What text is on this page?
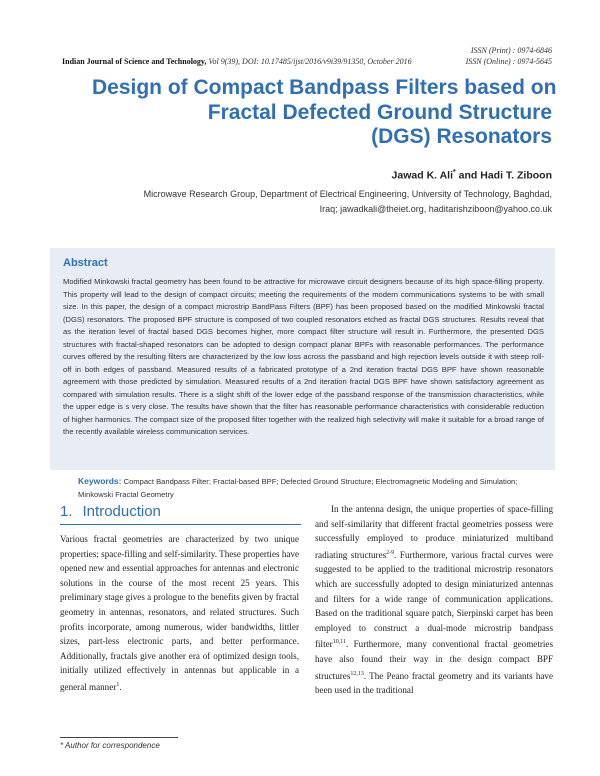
ISSN (Print) : 0974-6846
ISSN (Online) : 0974-5645
Indian Journal of Science and Technology, Vol 9(39), DOI: 10.17485/ijst/2016/v9i39/91350, October 2016
Design of Compact Bandpass Filters based on
Fractal Defected Ground Structure
(DGS) Resonators
Jawad K. Ali* and Hadi T. Ziboon
Microwave Research Group, Department of Electrical Engineering, University of Technology, Baghdad,
Iraq; jawadkali@theiet.org, haditarishziboon@yahoo.co.uk
Abstract
Modified Minkowski fractal geometry has been found to be attractive for microwave circuit designers because of its high space-filling property. This property will lead to the design of compact circuits; meeting the requirements of the modern communications systems to be with small size. In this paper, the design of a compact microstrip BandPass Filters (BPF) has been proposed based on the modified Minkowski fractal (DGS) resonators. The proposed BPF structure is composed of two coupled resonators etched as fractal DGS structures. Results reveal that as the iteration level of fractal based DGS becomes higher, more compact filter structure will result in. Furthermore, the presented DGS structures with fractal-shaped resonators can be adopted to design compact planar BPFs with reasonable performances. The performance curves offered by the resulting filters are characterized by the low loss across the passband and high rejection levels outside it with steep roll-off in both edges of passband. Measured results of a fabricated prototype of a 2nd iteration fractal DGS BPF have shown reasonable agreement with those predicted by simulation. Measured results of a 2nd iteration fractal DGS BPF have shown satisfactory agreement as compared with simulation results. There is a slight shift of the lower edge of the passband response of the transmission characteristics, while the upper edge is s very close. The results have shown that the filter has reasonable performance characteristics with considerable reduction of higher harmonics. The compact size of the proposed filter together with the realized high selectivity will make it suitable for a broad range of the recently available wireless communication services.
Keywords: Compact Bandpass Filter; Fractal-based BPF; Defected Ground Structure; Electromagnetic Modeling and Simulation; Minkowski Fractal Geometry
1. Introduction

Various fractal geometries are characterized by two unique properties; space-filling and self-similarity. These properties have opened new and essential approaches for antennas and electronic solutions in the course of the most recent 25 years. This preliminary stage gives a prologue to the benefits given by fractal geometry in antennas, resonators, and related structures. Such profits incorporate, among numerous, wider bandwidths, littler sizes, part-less electronic parts, and better performance. Additionally, fractals give another era of optimized design tools, initially utilized effectively in antennas but applicable in a general manner$^1$.

In the antenna design, the unique properties of space-filling and self-similarity that different fractal geometries possess were successfully employed to produce miniaturized multiband radiating structures$^{2-9}$. Furthermore, various fractal curves were suggested to be applied to the traditional microstrip resonators which are successfully adopted to design miniaturized antennas and filters for a wide range of communication applications. Based on the traditional square patch, Sierpinski carpet has been employed to construct a dual-mode microstrip bandpass filter$^{10,11}$. Furthermore, many conventional fractal geometries have also found their way in the design compact BPF structures$^{12,13}$. The Peano fractal geometry and its variants have been used in the traditional

* Author for correspondence
